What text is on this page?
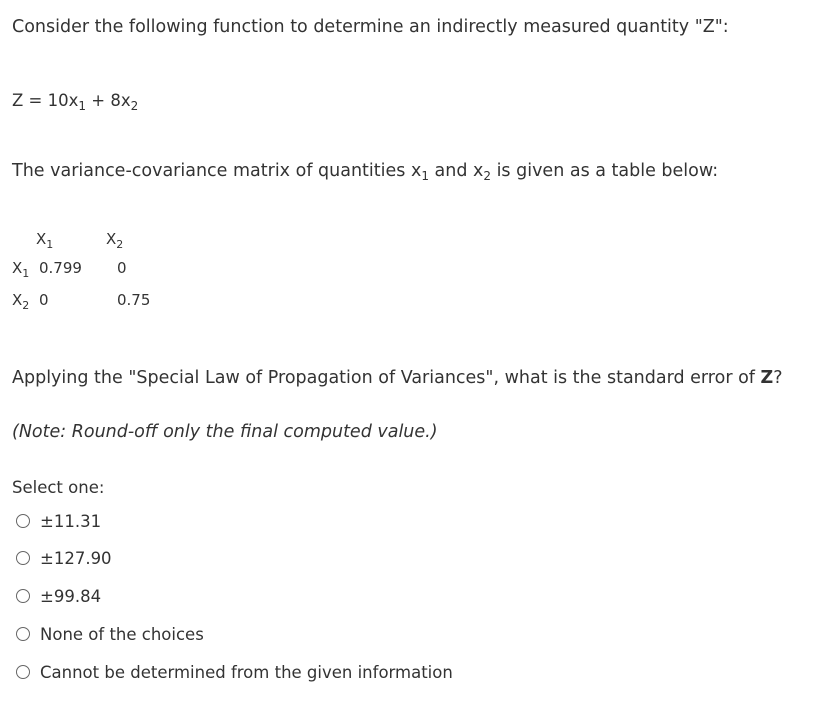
Consider the following function to determine an indirectly measured quantity "Z":
$Z = 10x_1 + 8x_2$
The variance-covariance matrix of quantities $x_1$ and $x_2$ is given as a table below:
$X_1$	$X_2$
$X_1$ 0.799 0
$X_2$ 0	0.75
Applying the "Special Law of Propagation of Variances", what is the standard error of Z?
(Note: Round-off only the final computed value.)
Select one:
±11.31
±127.90
±99.84
None of the choices
Cannot be determined from the given information
